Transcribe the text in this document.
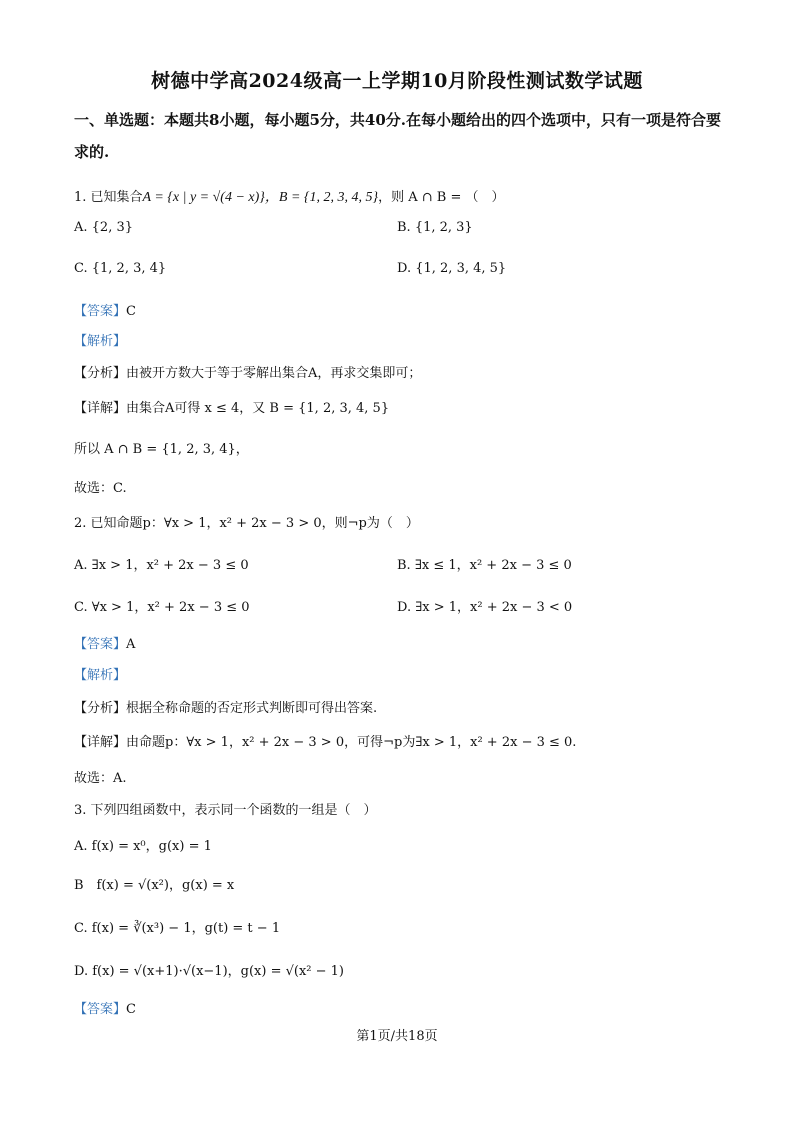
树德中学高2024级高一上学期10月阶段性测试数学试题
一、单选题：本题共8小题，每小题5分，共40分.在每小题给出的四个选项中，只有一项是符合要求的.
1. 已知集合A = {x | y = √(4 − x)}，B = {1, 2, 3, 4, 5}，则 A ∩ B = （　）
A. {2, 3}	B. {1, 2, 3}
C. {1, 2, 3, 4}	D. {1, 2, 3, 4, 5}
【答案】C
【解析】
【分析】由被开方数大于等于零解出集合A，再求交集即可；
【详解】由集合A可得 x ≤ 4，又 B = {1, 2, 3, 4, 5}
所以 A ∩ B = {1, 2, 3, 4}，
故选：C.
2. 已知命题p：∀x > 1，x² + 2x − 3 > 0，则¬p为（　）
A. ∃x > 1，x² + 2x − 3 ≤ 0	B. ∃x ≤ 1，x² + 2x − 3 ≤ 0
C. ∀x > 1，x² + 2x − 3 ≤ 0	D. ∃x > 1，x² + 2x − 3 < 0
【答案】A
【解析】
【分析】根据全称命题的否定形式判断即可得出答案.
【详解】由命题p：∀x > 1，x² + 2x − 3 > 0，可得¬p为∃x > 1，x² + 2x − 3 ≤ 0.
故选：A.
3. 下列四组函数中，表示同一个函数的一组是（　）
A. f(x) = x⁰，g(x) = 1
B　f(x) = √(x²)，g(x) = x
C. f(x) = ∛(x³) − 1，g(t) = t − 1
D. f(x) = √(x+1)·√(x−1)，g(x) = √(x² − 1)
【答案】C
第1页/共18页
